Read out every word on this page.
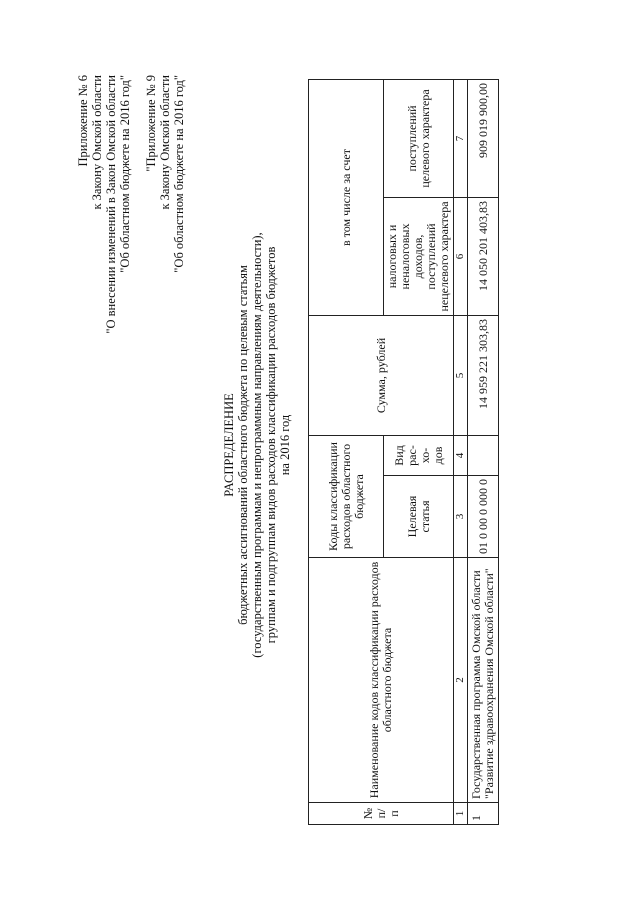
Приложение № 6 к Закону Омской области "О внесении изменений в Закон Омской области "Об областном бюджете на 2016 год" "Приложение № 9 к Закону Омской области "Об областном бюджете на 2016 год"
РАСПРЕДЕЛЕНИЕ бюджетных ассигнований областного бюджета по целевым статьям (государственным программам и непрограммным направлениям деятельности), группам и подгруппам видов расходов классификации расходов бюджетов на 2016 год
№ п/п	Наименование кодов классификации расходов областного бюджета	Коды классификации расходов областного бюджета		Сумма, рублей	в том числе за счет	
		Целевая статья	Вид рас-хо-дов		налоговых и неналоговых доходов, поступлений нецелевого характера	поступлений целевого характера

1	2	3	4	5	6	7
1	Государственная программа Омской области "Развитие здравоохранения Омской области"	01 0 00 0 000 0		14 959 221 303,83	14 050 201 403,83	909 019 900,00
